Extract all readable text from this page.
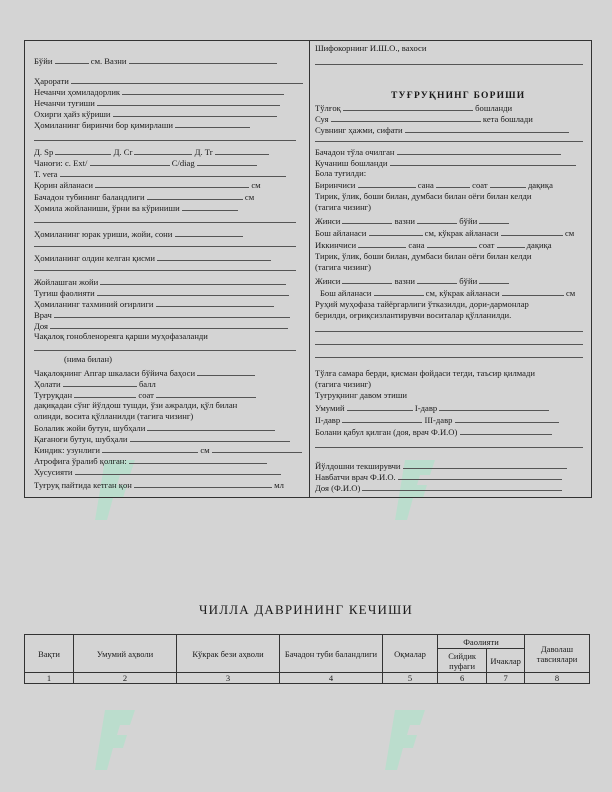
Бўйи	см. Вазни
Ҳарорати
Нечанчи ҳомиладорлик
Нечанчи туғиши
Охирги ҳайз кўриши
Ҳомиланинг биринчи бор қимирлаши
Д. Sp	Д. Cr	Д. Tr
Чаноғи: с. Ext/	C/diag
Т. vera
Қорин айланаси	см
Бачадон тубининг баландлиги	см
Ҳомила жойланиши, ўрни ва кўриниши
Ҳомиланинг юрак уриши, жойи, сони
Ҳомиланинг олдин келган қисми
Жойлашган жойи
Туғиш фаолияти
Ҳомиланинг тахминий оғирлиги
Врач
Доя
Чақалоқ гонобленореяга қарши муҳофазаланди
(нима билан)
Чақалоқнинг Апгар шкаласи бўйича баҳоси
Ҳолати	балл
Туғруқдан	соат
дақиқадан сўнг йўлдош тушди, ўзи ажралди, қўл билан
олинди, восита қўлланилди (тагига чизинг)
Болалик жойи бутун, шубҳали
Қағаноғи бутун, шубҳали
Киндик: узунлиги	см
Атрофига ўралиб қолган:
Хусусияти
Туғруқ пайтида кетган қон	мл
Шифокорнинг И.Ш.О., вахоси
ТУҒРУҚНИНГ БОРИШИ
Тўлғоқ	бошланди
Суя	кета бошлади
Сувнинг ҳажми, сифати
Бачадон тўла очилган
Кучаниш бошланди
Бола туғилди:
Биринчиси	сана	соат	дақиқа
Тирик, ўлик, боши билан, думбаси билан оёғи билан келди
(тагига чизинг)
Жинси	вазни	бўйи
Бош айланаси	см, кўкрак айланаси	см
Иккинчиси	сана	соат	дақиқа
Тирик, ўлик, боши билан, думбаси билан оёғи билан келди
(тагига чизинг)
Жинси	вазни	бўйи
Бош айланаси	см, кўкрак айланаси	см
Руҳий муҳофаза тайёргарлиги ўтказилди, дори-дармонлар
берилди, оғриқсизлантирувчи воситалар қўлланилди.
Тўлға самара берди, қисман фойдаси тегди, таъсир қилмади
(тагига чизинг)
Туғруқнинг давом этиши
Умумий	I-давр
II-давр	III-давр
Болани қабул қилган (доя, врач Ф.И.О)
Йўлдошни текширувчи
Навбатчи врач Ф.И.О.
Доя (Ф.И.О)
ЧИЛЛА ДАВРИНИНГ КЕЧИШИ
Вақти	Умумий аҳволи	Кўкрак бези аҳволи	Бачадон туби баландлиги	Оқмалар	Фаолияти		Даволаш тавсиялари
					Сийдик пуфаги	Ичаклар	
1	2	3	4	5	6	7	8
